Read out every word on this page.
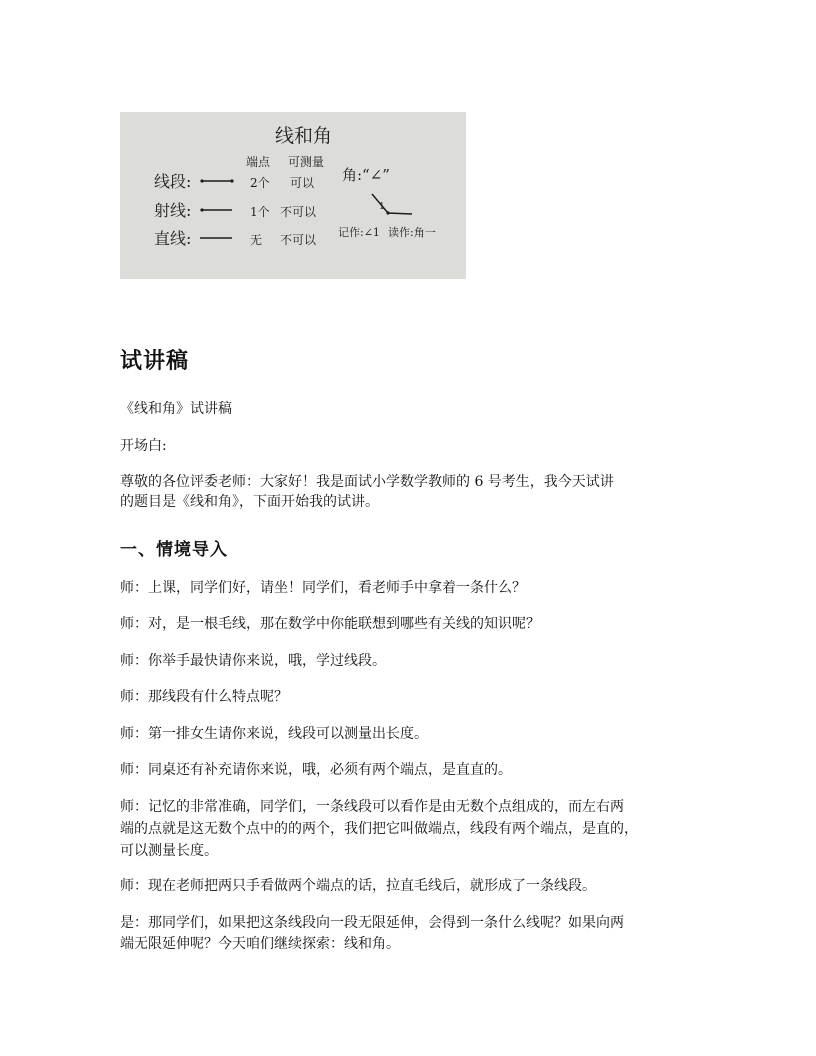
线和角
端点 可测量
线段:
射线:
直线:
2个 可以
1个 不可以
无 不可以
角:“∠”
1
记作:∠1 读作:角一
试讲稿

《线和角》试讲稿

开场白:

尊敬的各位评委老师：大家好！我是面试小学数学教师的 6 号考生，我今天试讲

的题目是《线和角》，下面开始我的试讲。

一、情境导入

师：上课，同学们好，请坐！同学们，看老师手中拿着一条什么？

师：对，是一根毛线，那在数学中你能联想到哪些有关线的知识呢？

师：你举手最快请你来说，哦，学过线段。

师：那线段有什么特点呢？

师：第一排女生请你来说，线段可以测量出长度。

师：同桌还有补充请你来说，哦，必须有两个端点，是直直的。

师：记忆的非常准确，同学们，一条线段可以看作是由无数个点组成的，而左右两

端的点就是这无数个点中的的两个，我们把它叫做端点，线段有两个端点，是直的，

可以测量长度。

师：现在老师把两只手看做两个端点的话，拉直毛线后，就形成了一条线段。

是：那同学们，如果把这条线段向一段无限延伸，会得到一条什么线呢？如果向两

端无限延伸呢？今天咱们继续探索：线和角。
